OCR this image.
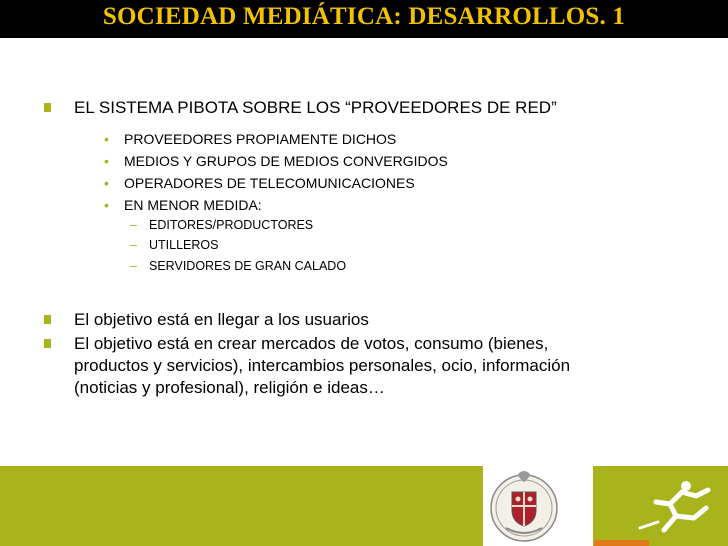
SOCIEDAD MEDIÁTICA: DESARROLLOS. 1
EL SISTEMA PIBOTA SOBRE LOS “PROVEEDORES DE RED”
• PROVEEDORES PROPIAMENTE DICHOS
• MEDIOS Y GRUPOS DE MEDIOS CONVERGIDOS
• OPERADORES DE TELECOMUNICACIONES
• EN MENOR MEDIDA:
– EDITORES/PRODUCTORES
– UTILLEROS
– SERVIDORES DE GRAN CALADO
El objetivo está en llegar a los usuarios
El objetivo está en crear mercados de votos, consumo (bienes,
productos y servicios), intercambios personales, ocio, información
(noticias y profesional), religión e ideas…
